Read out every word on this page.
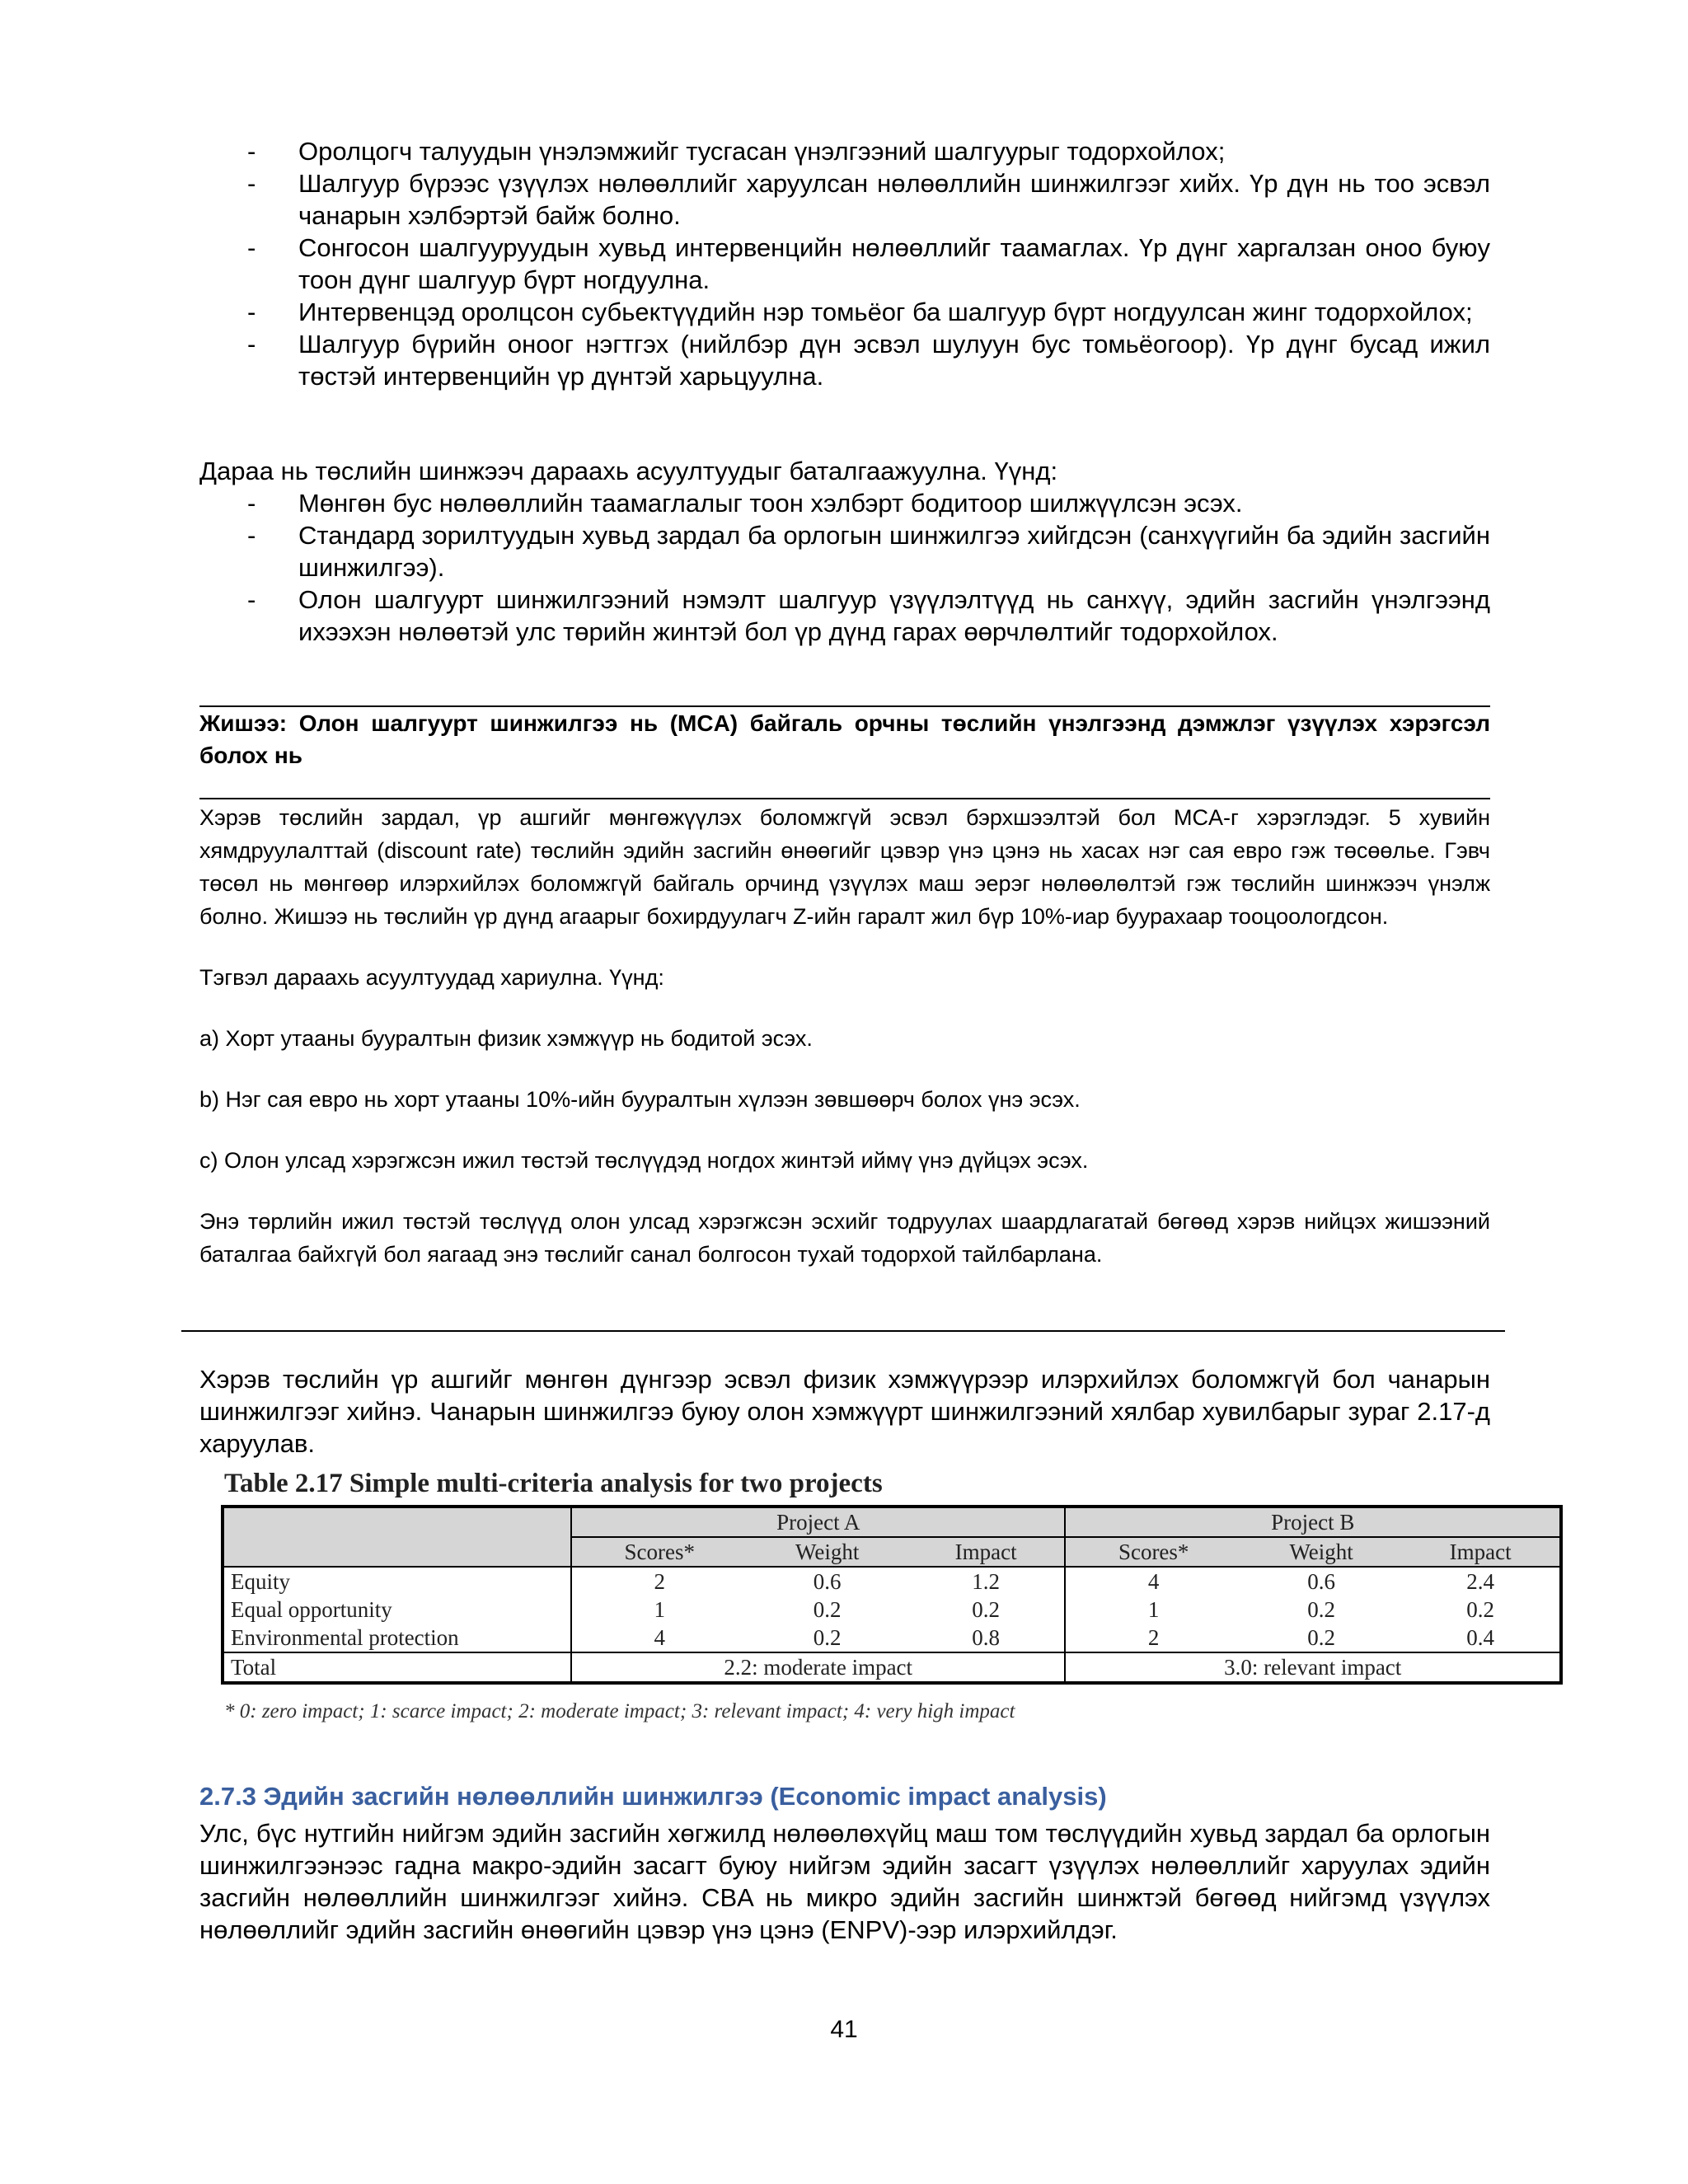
- Оролцогч талуудын үнэлэмжийг тусгасан үнэлгээний шалгуурыг тодорхойлох;
- Шалгуур бүрээс үзүүлэх нөлөөллийг харуулсан нөлөөллийн шинжилгээг хийх. Үр дүн нь тоо эсвэл чанарын хэлбэртэй байж болно.
- Сонгосон шалгууруудын хувьд интервенцийн нөлөөллийг таамаглах. Үр дүнг харгалзан оноо буюу тоон дүнг шалгуур бүрт ногдуулна.
- Интервенцэд оролцсон субьектүүдийн нэр томьёог ба шалгуур бүрт ногдуулсан жинг тодорхойлох;
- Шалгуур бүрийн оноог нэгтгэх (нийлбэр дүн эсвэл шулуун бус томьёогоор). Үр дүнг бусад ижил төстэй интервенцийн үр дүнтэй харьцуулна.

Дараа нь төслийн шинжээч дараахь асуултуудыг баталгаажуулна. Үүнд:

- Мөнгөн бус нөлөөллийн таамаглалыг тоон хэлбэрт бодитоор шилжүүлсэн эсэх.
- Стандард зорилтуудын хувьд зардал ба орлогын шинжилгээ хийгдсэн (санхүүгийн ба эдийн засгийн шинжилгээ).
- Олон шалгуурт шинжилгээний нэмэлт шалгуур үзүүлэлтүүд нь санхүү, эдийн засгийн үнэлгээнд ихээхэн нөлөөтэй улс төрийн жинтэй бол үр дүнд гарах өөрчлөлтийг тодорхойлох.

Жишээ: Олон шалгуурт шинжилгээ нь (MCA) байгаль орчны төслийн үнэлгээнд дэмжлэг үзүүлэх хэрэгсэл болох нь

Хэрэв төслийн зардал, үр ашгийг мөнгөжүүлэх боломжгүй эсвэл бэрхшээлтэй бол MCA-г хэрэглэдэг. 5 хувийн хямдруулалттай (discount rate) төслийн эдийн засгийн өнөөгийг цэвэр үнэ цэнэ нь хасах нэг сая евро гэж төсөөлье. Гэвч төсөл нь мөнгөөр илэрхийлэх боломжгүй байгаль орчинд үзүүлэх маш эерэг нөлөөлөлтэй гэж төслийн шинжээч үнэлж болно. Жишээ нь төслийн үр дүнд агаарыг бохирдуулагч Z-ийн гаралт жил бүр 10%-иар буурахаар тооцоологдсон.

Тэгвэл дараахь асуултуудад хариулна. Үүнд:

a) Хорт утааны бууралтын физик хэмжүүр нь бодитой эсэх.

b) Нэг сая евро нь хорт утааны 10%-ийн бууралтын хүлээн зөвшөөрч болох үнэ эсэх.

c) Олон улсад хэрэгжсэн ижил төстэй төслүүдэд ногдох жинтэй иймү үнэ дүйцэх эсэх.

Энэ төрлийн ижил төстэй төслүүд олон улсад хэрэгжсэн эсхийг тодруулах шаардлагатай бөгөөд хэрэв нийцэх жишээний баталгаа байхгүй бол яагаад энэ төслийг санал болгосон тухай тодорхой тайлбарлана.

Хэрэв төслийн үр ашгийг мөнгөн дүнгээр эсвэл физик хэмжүүрээр илэрхийлэх боломжгүй бол чанарын шинжилгээг хийнэ. Чанарын шинжилгээ буюу олон хэмжүүрт шинжилгээний хялбар хувилбарыг зураг 2.17-д харуулав.

Table 2.17 Simple multi-criteria analysis for two projects

	Project A			Project B		
	Scores*	Weight	Impact	Scores*	Weight	Impact
Equity	2	0.6	1.2	4	0.6	2.4
Equal opportunity	1	0.2	0.2	1	0.2	0.2
Environmental protection	4	0.2	0.8	2	0.2	0.4
Total	2.2: moderate impact			3.0: relevant impact		

* 0: zero impact; 1: scarce impact; 2: moderate impact; 3: relevant impact; 4: very high impact

2.7.3 Эдийн засгийн нөлөөллийн шинжилгээ (Economic impact analysis)

Улс, бүс нутгийн нийгэм эдийн засгийн хөгжилд нөлөөлөхүйц маш том төслүүдийн хувьд зардал ба орлогын шинжилгээнээс гадна макро-эдийн засагт буюу нийгэм эдийн засагт үзүүлэх нөлөөллийг харуулах эдийн засгийн нөлөөллийн шинжилгээг хийнэ. CBA нь микро эдийн засгийн шинжтэй бөгөөд нийгэмд үзүүлэх нөлөөллийг эдийн засгийн өнөөгийн цэвэр үнэ цэнэ (ENPV)-ээр илэрхийлдэг.

41
